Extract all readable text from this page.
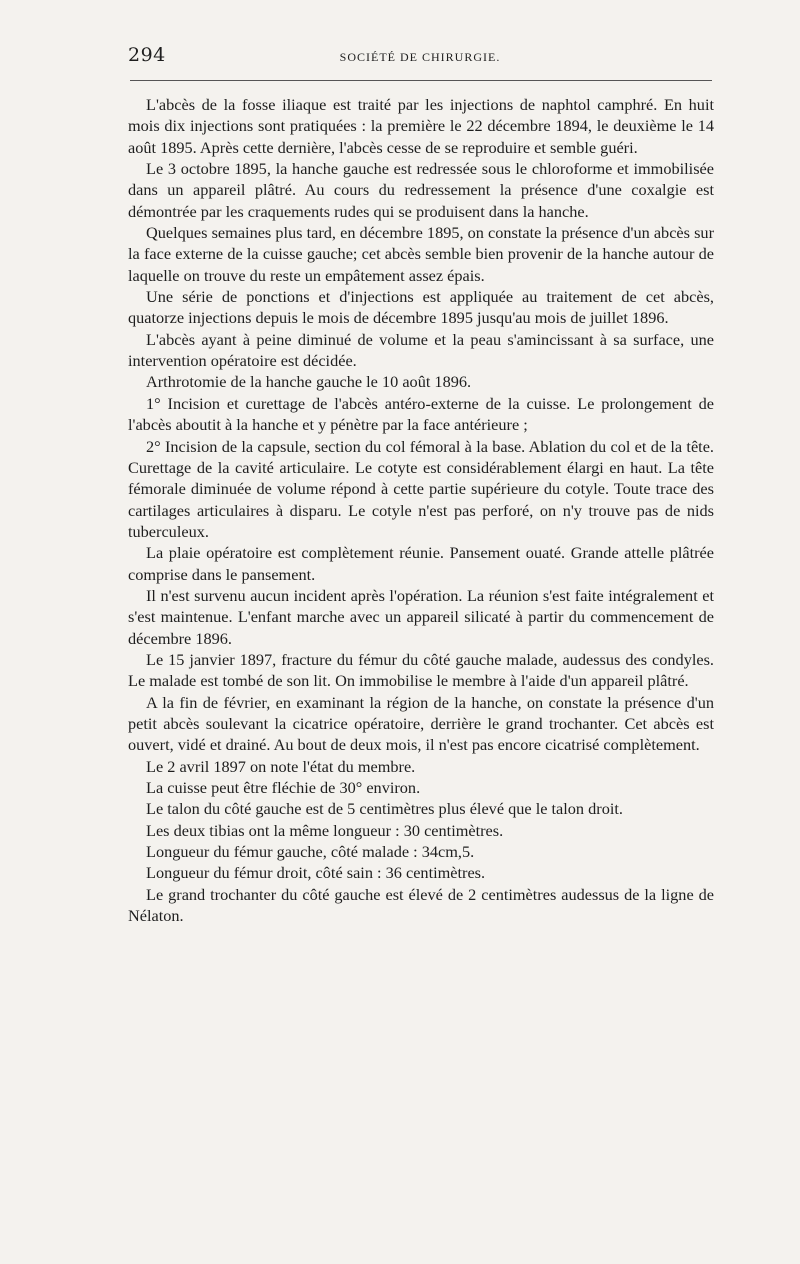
294	SOCIÉTÉ DE CHIRURGIE.

L'abcès de la fosse iliaque est traité par les injections de naphtol camphré. En huit mois dix injections sont pratiquées : la première le 22 décembre 1894, le deuxième le 14 août 1895. Après cette dernière, l'abcès cesse de se reproduire et semble guéri.

Le 3 octobre 1895, la hanche gauche est redressée sous le chloroforme et immobilisée dans un appareil plâtré. Au cours du redressement la présence d'une coxalgie est démontrée par les craquements rudes qui se produisent dans la hanche.

Quelques semaines plus tard, en décembre 1895, on constate la présence d'un abcès sur la face externe de la cuisse gauche; cet abcès semble bien provenir de la hanche autour de laquelle on trouve du reste un empâtement assez épais.

Une série de ponctions et d'injections est appliquée au traitement de cet abcès, quatorze injections depuis le mois de décembre 1895 jusqu'au mois de juillet 1896.

L'abcès ayant à peine diminué de volume et la peau s'amincissant à sa surface, une intervention opératoire est décidée.

Arthrotomie de la hanche gauche le 10 août 1896.

1° Incision et curettage de l'abcès antéro-externe de la cuisse. Le prolongement de l'abcès aboutit à la hanche et y pénètre par la face antérieure ;

2° Incision de la capsule, section du col fémoral à la base. Ablation du col et de la tête. Curettage de la cavité articulaire. Le cotyte est considérablement élargi en haut. La tête fémorale diminuée de volume répond à cette partie supérieure du cotyle. Toute trace des cartilages articulaires à disparu. Le cotyle n'est pas perforé, on n'y trouve pas de nids tuberculeux.

La plaie opératoire est complètement réunie. Pansement ouaté. Grande attelle plâtrée comprise dans le pansement.

Il n'est survenu aucun incident après l'opération. La réunion s'est faite intégralement et s'est maintenue. L'enfant marche avec un appareil silicaté à partir du commencement de décembre 1896.

Le 15 janvier 1897, fracture du fémur du côté gauche malade, audessus des condyles. Le malade est tombé de son lit. On immobilise le membre à l'aide d'un appareil plâtré.

A la fin de février, en examinant la région de la hanche, on constate la présence d'un petit abcès soulevant la cicatrice opératoire, derrière le grand trochanter. Cet abcès est ouvert, vidé et drainé. Au bout de deux mois, il n'est pas encore cicatrisé complètement.

Le 2 avril 1897 on note l'état du membre.

La cuisse peut être fléchie de 30° environ.

Le talon du côté gauche est de 5 centimètres plus élevé que le talon droit.

Les deux tibias ont la même longueur : 30 centimètres.

Longueur du fémur gauche, côté malade : 34cm,5.

Longueur du fémur droit, côté sain : 36 centimètres.

Le grand trochanter du côté gauche est élevé de 2 centimètres audessus de la ligne de Nélaton.
